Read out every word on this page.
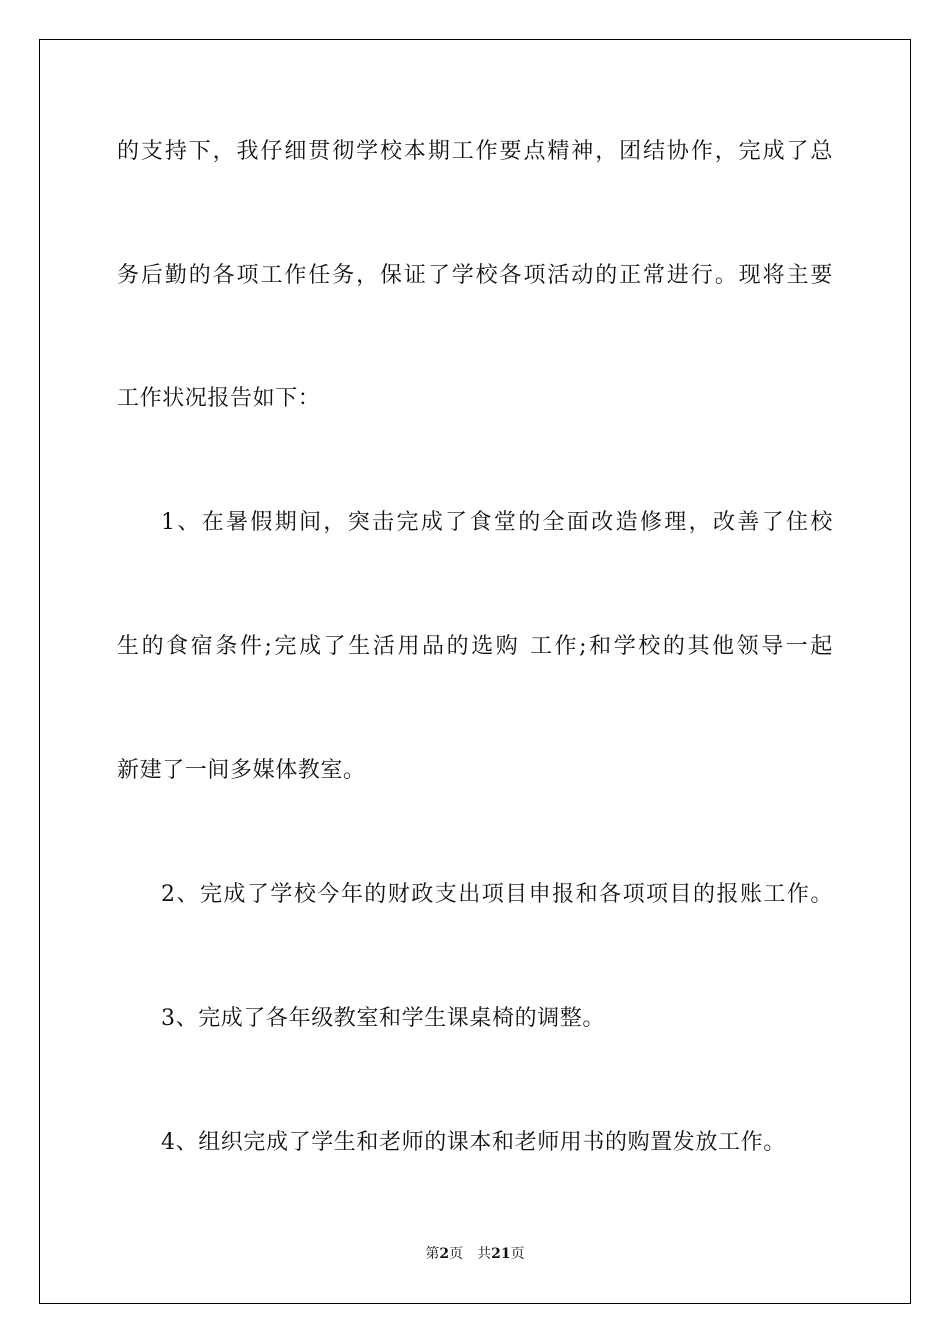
的支持下，我仔细贯彻学校本期工作要点精神，团结协作，完成了总
务后勤的各项工作任务，保证了学校各项活动的正常进行。现将主要
工作状况报告如下：
1、在暑假期间，突击完成了食堂的全面改造修理，改善了住校
生的食宿条件;完成了生活用品的选购 工作;和学校的其他领导一起
新建了一间多媒体教室。
2、完成了学校今年的财政支出项目申报和各项项目的报账工作。
3、完成了各年级教室和学生课桌椅的调整。
4、组织完成了学生和老师的课本和老师用书的购置发放工作。
第2页 共21页
